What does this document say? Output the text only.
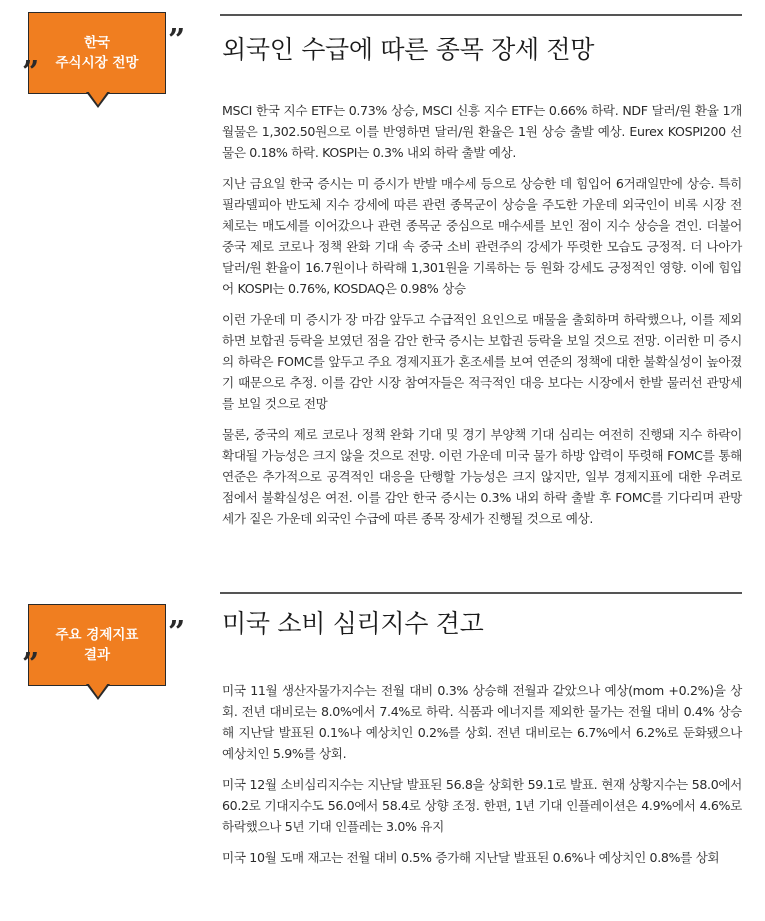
한국
주식시장 전망
”
”
외국인 수급에 따른 종목 장세 전망

MSCI 한국 지수 ETF는 0.73% 상승, MSCI 신흥 지수 ETF는 0.66% 하락. NDF 달러/원 환율 1개월물은 1,302.50원으로 이를 반영하면 달러/원 환율은 1원 상승 출발 예상. Eurex KOSPI200 선물은 0.18% 하락. KOSPI는 0.3% 내외 하락 출발 예상.

지난 금요일 한국 증시는 미 증시가 반발 매수세 등으로 상승한 데 힘입어 6거래일만에 상승. 특히 필라델피아 반도체 지수 강세에 따른 관련 종목군이 상승을 주도한 가운데 외국인이 비록 시장 전체로는 매도세를 이어갔으나 관련 종목군 중심으로 매수세를 보인 점이 지수 상승을 견인. 더불어 중국 제로 코로나 정책 완화 기대 속 중국 소비 관련주의 강세가 뚜렷한 모습도 긍정적. 더 나아가 달러/원 환율이 16.7원이나 하락해 1,301원을 기록하는 등 원화 강세도 긍정적인 영향. 이에 힘입어 KOSPI는 0.76%, KOSDAQ은 0.98% 상승

이런 가운데 미 증시가 장 마감 앞두고 수급적인 요인으로 매물을 출회하며 하락했으나, 이를 제외하면 보합권 등락을 보였던 점을 감안 한국 증시는 보합권 등락을 보일 것으로 전망. 이러한 미 증시의 하락은 FOMC를 앞두고 주요 경제지표가 혼조세를 보여 연준의 정책에 대한 불확실성이 높아졌기 때문으로 추정. 이를 감안 시장 참여자들은 적극적인 대응 보다는 시장에서 한발 물러선 관망세를 보일 것으로 전망

물론, 중국의 제로 코로나 정책 완화 기대 및 경기 부양책 기대 심리는 여전히 진행돼 지수 하락이 확대될 가능성은 크지 않을 것으로 전망. 이런 가운데 미국 물가 하방 압력이 뚜렷해 FOMC를 통해 연준은 추가적으로 공격적인 대응을 단행할 가능성은 크지 않지만, 일부 경제지표에 대한 우려로 점에서 불확실성은 여전. 이를 감안 한국 증시는 0.3% 내외 하락 출발 후 FOMC를 기다리며 관망세가 짙은 가운데 외국인 수급에 따른 종목 장세가 진행될 것으로 예상.

주요 경제지표
결과
”
”
미국 소비 심리지수 견고

미국 11월 생산자물가지수는 전월 대비 0.3% 상승해 전월과 같았으나 예상(mom +0.2%)을 상회. 전년 대비로는 8.0%에서 7.4%로 하락. 식품과 에너지를 제외한 물가는 전월 대비 0.4% 상승해 지난달 발표된 0.1%나 예상치인 0.2%를 상회. 전년 대비로는 6.7%에서 6.2%로 둔화됐으나 예상치인 5.9%를 상회.

미국 12월 소비심리지수는 지난달 발표된 56.8을 상회한 59.1로 발표. 현재 상황지수는 58.0에서 60.2로 기대지수도 56.0에서 58.4로 상향 조정. 한편, 1년 기대 인플레이션은 4.9%에서 4.6%로 하락했으나 5년 기대 인플레는 3.0% 유지

미국 10월 도매 재고는 전월 대비 0.5% 증가해 지난달 발표된 0.6%나 예상치인 0.8%를 상회
